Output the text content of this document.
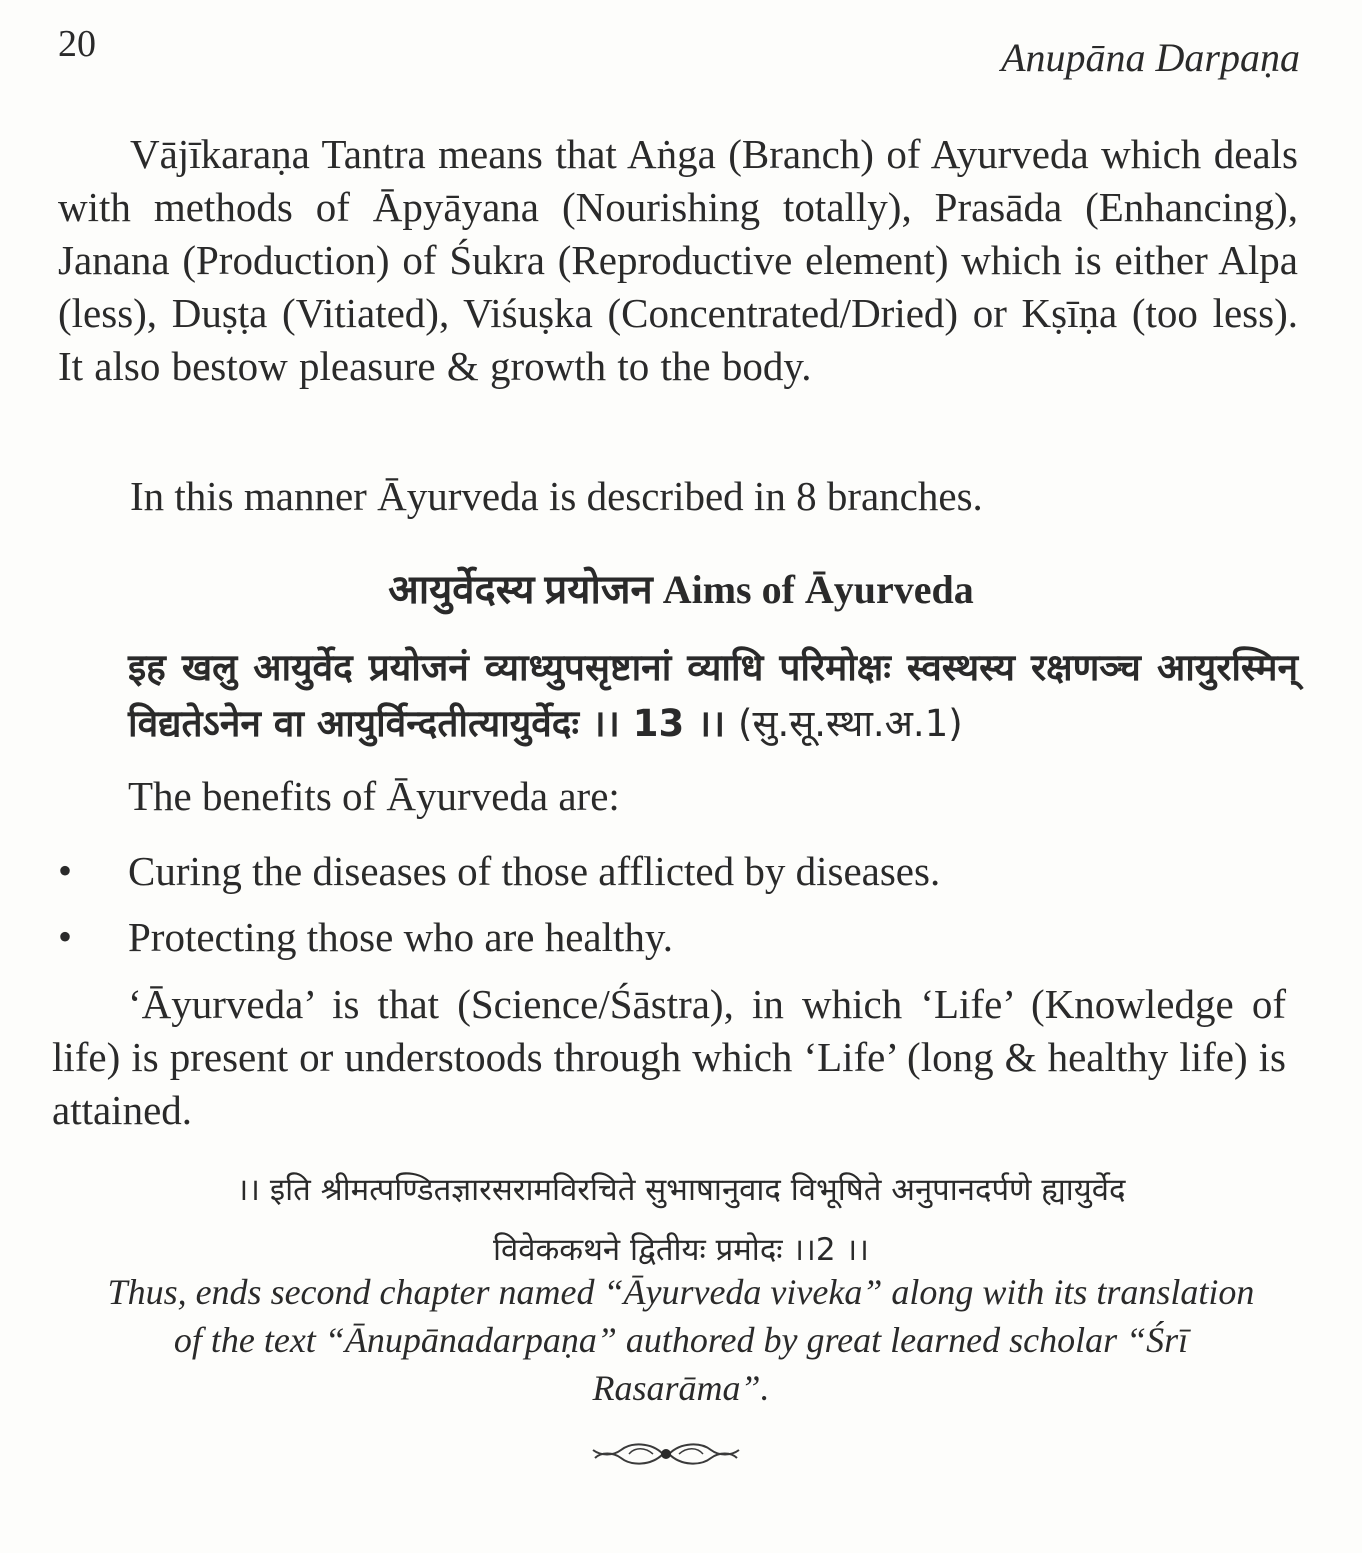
20	Anupāna Darpaṇa

Vājīkaraṇa Tantra means that Aṅga (Branch) of Ayurveda which deals with methods of Āpyāyana (Nourishing totally), Prasāda (Enhancing), Janana (Production) of Śukra (Reproductive element) which is either Alpa (less), Duṣṭa (Vitiated), Viśuṣka (Concentrated/Dried) or Kṣīṇa (too less). It also bestow pleasure & growth to the body.

In this manner Āyurveda is described in 8 branches.

आयुर्वेदस्य प्रयोजन Aims of Āyurveda
इह खलु आयुर्वेद प्रयोजनं व्याध्युपसृष्टानां व्याधि परिमोक्षः स्वस्थस्य रक्षणञ्च आयुरस्मिन् विद्यतेऽनेन वा आयुर्विन्दतीत्यायुर्वेदः ।। 13 ।। (सु.सू.स्था.अ.1)

The benefits of Āyurveda are:

• Curing the diseases of those afflicted by diseases.
• Protecting those who are healthy.

‘Āyurveda’ is that (Science/Śāstra), in which ‘Life’ (Knowledge of life) is present or understoods through which ‘Life’ (long & healthy life) is attained.

।। इति श्रीमत्पण्डितज्ञारसरामविरचिते सुभाषानुवाद विभूषिते अनुपानदर्पणे ह्यायुर्वेद
विवेककथने द्वितीयः प्रमोदः ।।2 ।।

Thus, ends second chapter named “Āyurveda viveka” along with its translation of the text “Ānupānadarpaṇa” authored by great learned scholar “Śrī Rasarāma”.
